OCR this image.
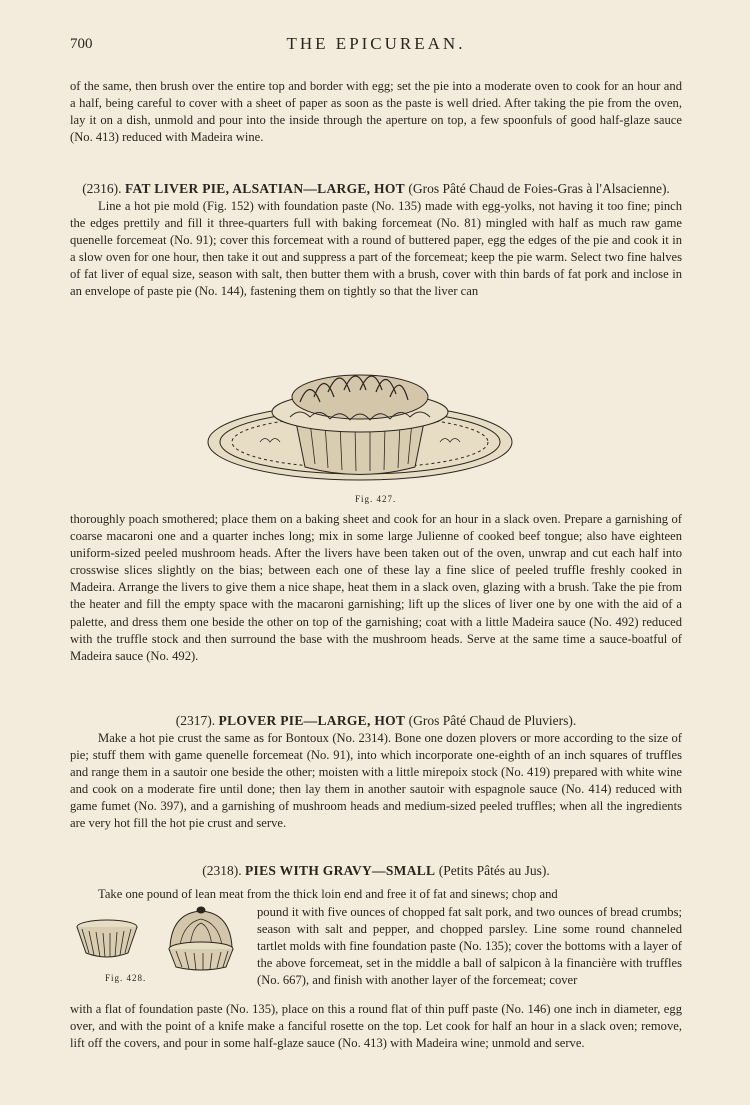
700	THE EPICUREAN.

of the same, then brush over the entire top and border with egg; set the pie into a moderate oven to cook for an hour and a half, being careful to cover with a sheet of paper as soon as the paste is well dried. After taking the pie from the oven, lay it on a dish, unmold and pour into the inside through the aperture on top, a few spoonfuls of good half-glaze sauce (No. 413) reduced with Madeira wine.

(2316). FAT LIVER PIE, ALSATIAN—LARGE, HOT (Gros Pâté Chaud de Foies-Gras à l'Alsacienne).

Line a hot pie mold (Fig. 152) with foundation paste (No. 135) made with egg-yolks, not having it too fine; pinch the edges prettily and fill it three-quarters full with baking forcemeat (No. 81) mingled with half as much raw game quenelle forcemeat (No. 91); cover this forcemeat with a round of buttered paper, egg the edges of the pie and cook it in a slow oven for one hour, then take it out and suppress a part of the forcemeat; keep the pie warm. Select two fine halves of fat liver of equal size, season with salt, then butter them with a brush, cover with thin bards of fat pork and inclose in an envelope of paste pie (No. 144), fastening them on tightly so that the liver can

Fig. 427.

thoroughly poach smothered; place them on a baking sheet and cook for an hour in a slack oven. Prepare a garnishing of coarse macaroni one and a quarter inches long; mix in some large Julienne of cooked beef tongue; also have eighteen uniform-sized peeled mushroom heads. After the livers have been taken out of the oven, unwrap and cut each half into crosswise slices slightly on the bias; between each one of these lay a fine slice of peeled truffle freshly cooked in Madeira. Arrange the livers to give them a nice shape, heat them in a slack oven, glazing with a brush. Take the pie from the heater and fill the empty space with the macaroni garnishing; lift up the slices of liver one by one with the aid of a palette, and dress them one beside the other on top of the garnishing; coat with a little Madeira sauce (No. 492) reduced with the truffle stock and then surround the base with the mushroom heads. Serve at the same time a sauce-boatful of Madeira sauce (No. 492).

(2317). PLOVER PIE—LARGE, HOT (Gros Pâté Chaud de Pluviers).

Make a hot pie crust the same as for Bontoux (No. 2314). Bone one dozen plovers or more according to the size of pie; stuff them with game quenelle forcemeat (No. 91), into which incorporate one-eighth of an inch squares of truffles and range them in a sautoir one beside the other; moisten with a little mirepoix stock (No. 419) prepared with white wine and cook on a moderate fire until done; then lay them in another sautoir with espagnole sauce (No. 414) reduced with game fumet (No. 397), and a garnishing of mushroom heads and medium-sized peeled truffles; when all the ingredients are very hot fill the hot pie crust and serve.

(2318). PIES WITH GRAVY—SMALL (Petits Pâtés au Jus).

Take one pound of lean meat from the thick loin end and free it of fat and sinews; chop and
Fig. 428.

pound it with five ounces of chopped fat salt pork, and two ounces of bread crumbs; season with salt and pepper, and chopped parsley. Line some round channeled tartlet molds with fine foundation paste (No. 135); cover the bottoms with a layer of the above forcemeat, set in the middle a ball of salpicon à la financière with truffles (No. 667), and finish with another layer of the forcemeat; cover

with a flat of foundation paste (No. 135), place on this a round flat of thin puff paste (No. 146) one inch in diameter, egg over, and with the point of a knife make a fanciful rosette on the top. Let cook for half an hour in a slack oven; remove, lift off the covers, and pour in some half-glaze sauce (No. 413) with Madeira wine; unmold and serve.
